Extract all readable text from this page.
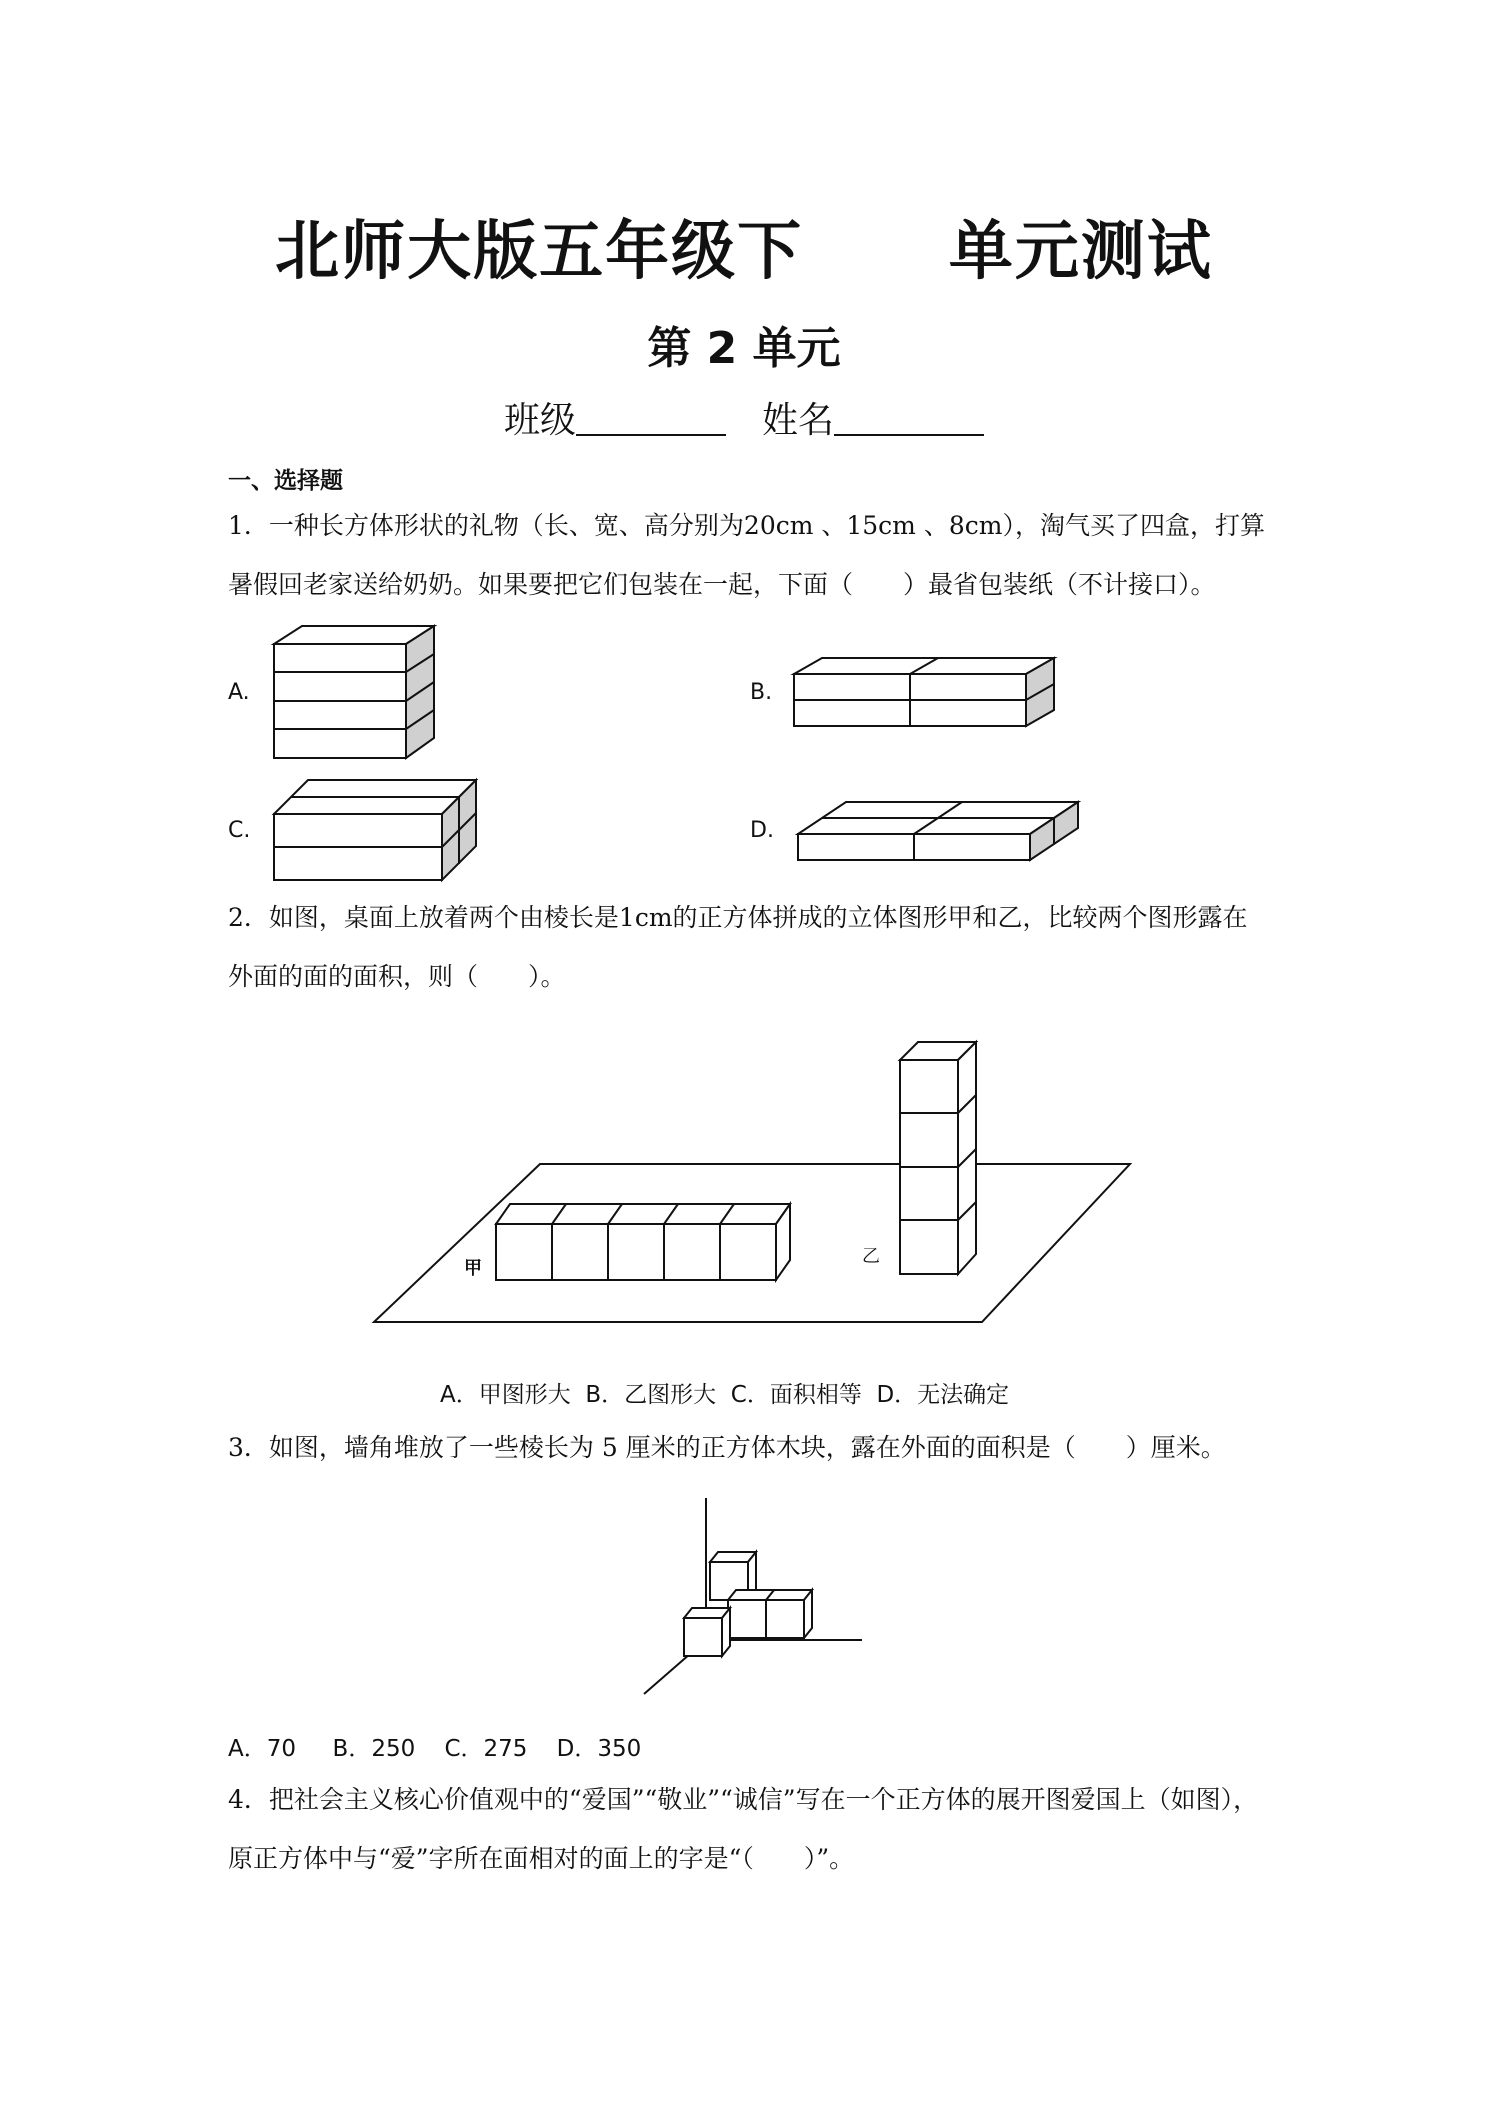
北师大版五年级下      单元测试
第 2 单元
班级	姓名
一、选择题
1．一种长方体形状的礼物（长、宽、高分别为20cm 、15cm 、8cm），淘气买了四盒，打算暑假回老家送给奶奶。如果要把它们包装在一起，下面（　　）最省包装纸（不计接口）。
A.	B.
C.	D.
2．如图，桌面上放着两个由棱长是1cm的正方体拼成的立体图形甲和乙，比较两个图形露在外面的面的面积，则（　　）。
甲
乙
A．甲图形大  B．乙图形大  C．面积相等  D．无法确定
3．如图，墙角堆放了一些棱长为 5 厘米的正方体木块，露在外面的面积是（　　）厘米。
A．70     B．250    C．275    D．350
4．把社会主义核心价值观中的“爱国”“敬业”“诚信”写在一个正方体的展开图爱国上（如图），原正方体中与“爱”字所在面相对的面上的字是“（　　）”。
